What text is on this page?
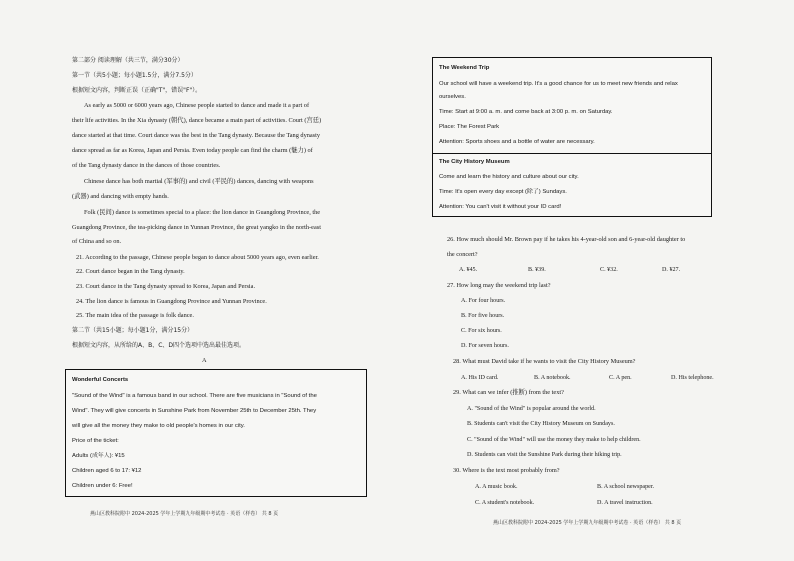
第二部分 阅读理解（共三节，满分30分）
第一节（共5小题；每小题1.5分，满分7.5分）
根据短文内容，判断正误（正确"T"，错误"F"）。
As early as 5000 or 6000 years ago, Chinese people started to dance and made it a part of
their life activities. In the Xia dynasty (朝代), dance became a main part of activities. Court (宫廷)
dance started at that time. Court dance was the best in the Tang dynasty. Because the Tang dynasty
dance spread as far as Korea, Japan and Persia. Even today people can find the charm (魅力) of
of the Tang dynasty dance in the dances of those countries.
Chinese dance has both martial (军事的) and civil (平民的) dances, dancing with weapons
(武器) and dancing with empty hands.
Folk (民间) dance is sometimes special to a place: the lion dance in Guangdong Province, the
Guangdong Province, the tea-picking dance in Yunnan Province, the great yangko in the north-east
of China and so on.
21. According to the passage, Chinese people began to dance about 5000 years ago, even earlier.
22. Court dance began in the Tang dynasty.
23. Court dance in the Tang dynasty spread to Korea, Japan and Persia.
24. The lion dance is famous in Guangdong Province and Yunnan Province.
25. The main idea of the passage is folk dance.
第二节（共15小题；每小题1分，满分15分）
根据短文内容，从所给的A、B、C、D四个选项中选出最佳选项。
A
Wonderful Concerts
"Sound of the Wind" is a famous band in our school. There are five musicians in "Sound of the
Wind". They will give concerts in Sunshine Park from November 25th to December 25th. They
will give all the money they make to old people's homes in our city.
Price of the ticket:
Adults (成年人): ¥15
Children aged 6 to 17: ¥12
Children under 6: Free!
燕山区教科院附中 2024-2025 学年上学期九年级期中考试卷 · 英语（样卷） 共 8 页
The Weekend Trip
Our school will have a weekend trip. It's a good chance for us to meet new friends and relax
ourselves.
Time: Start at 9:00 a. m. and come back at 3:00 p. m. on Saturday.
Place: The Forest Park
Attention: Sports shoes and a bottle of water are necessary.
The City History Museum
Come and learn the history and culture about our city.
Time: It's open every day except (除了) Sundays.
Attention: You can't visit it without your ID card!
26. How much should Mr. Brown pay if he takes his 4-year-old son and 6-year-old daughter to
the concert?
A. ¥45.	B. ¥39.	C. ¥32.	D. ¥27.
27. How long may the weekend trip last?
A. For four hours.
B. For five hours.
C. For six hours.
D. For seven hours.
28. What must David take if he wants to visit the City History Museum?
A. His ID card.	B. A notebook.	C. A pen.	D. His telephone.
29. What can we infer (推断) from the text?
A. "Sound of the Wind" is popular around the world.
B. Students can't visit the City History Museum on Sundays.
C. "Sound of the Wind" will use the money they make to help children.
D. Students can visit the Sunshine Park during their hiking trip.
30. Where is the text most probably from?
A. A music book.	B. A school newspaper.
C. A student's notebook.	D. A travel instruction.
燕山区教科院附中 2024-2025 学年上学期九年级期中考试卷 · 英语（样卷） 共 8 页
